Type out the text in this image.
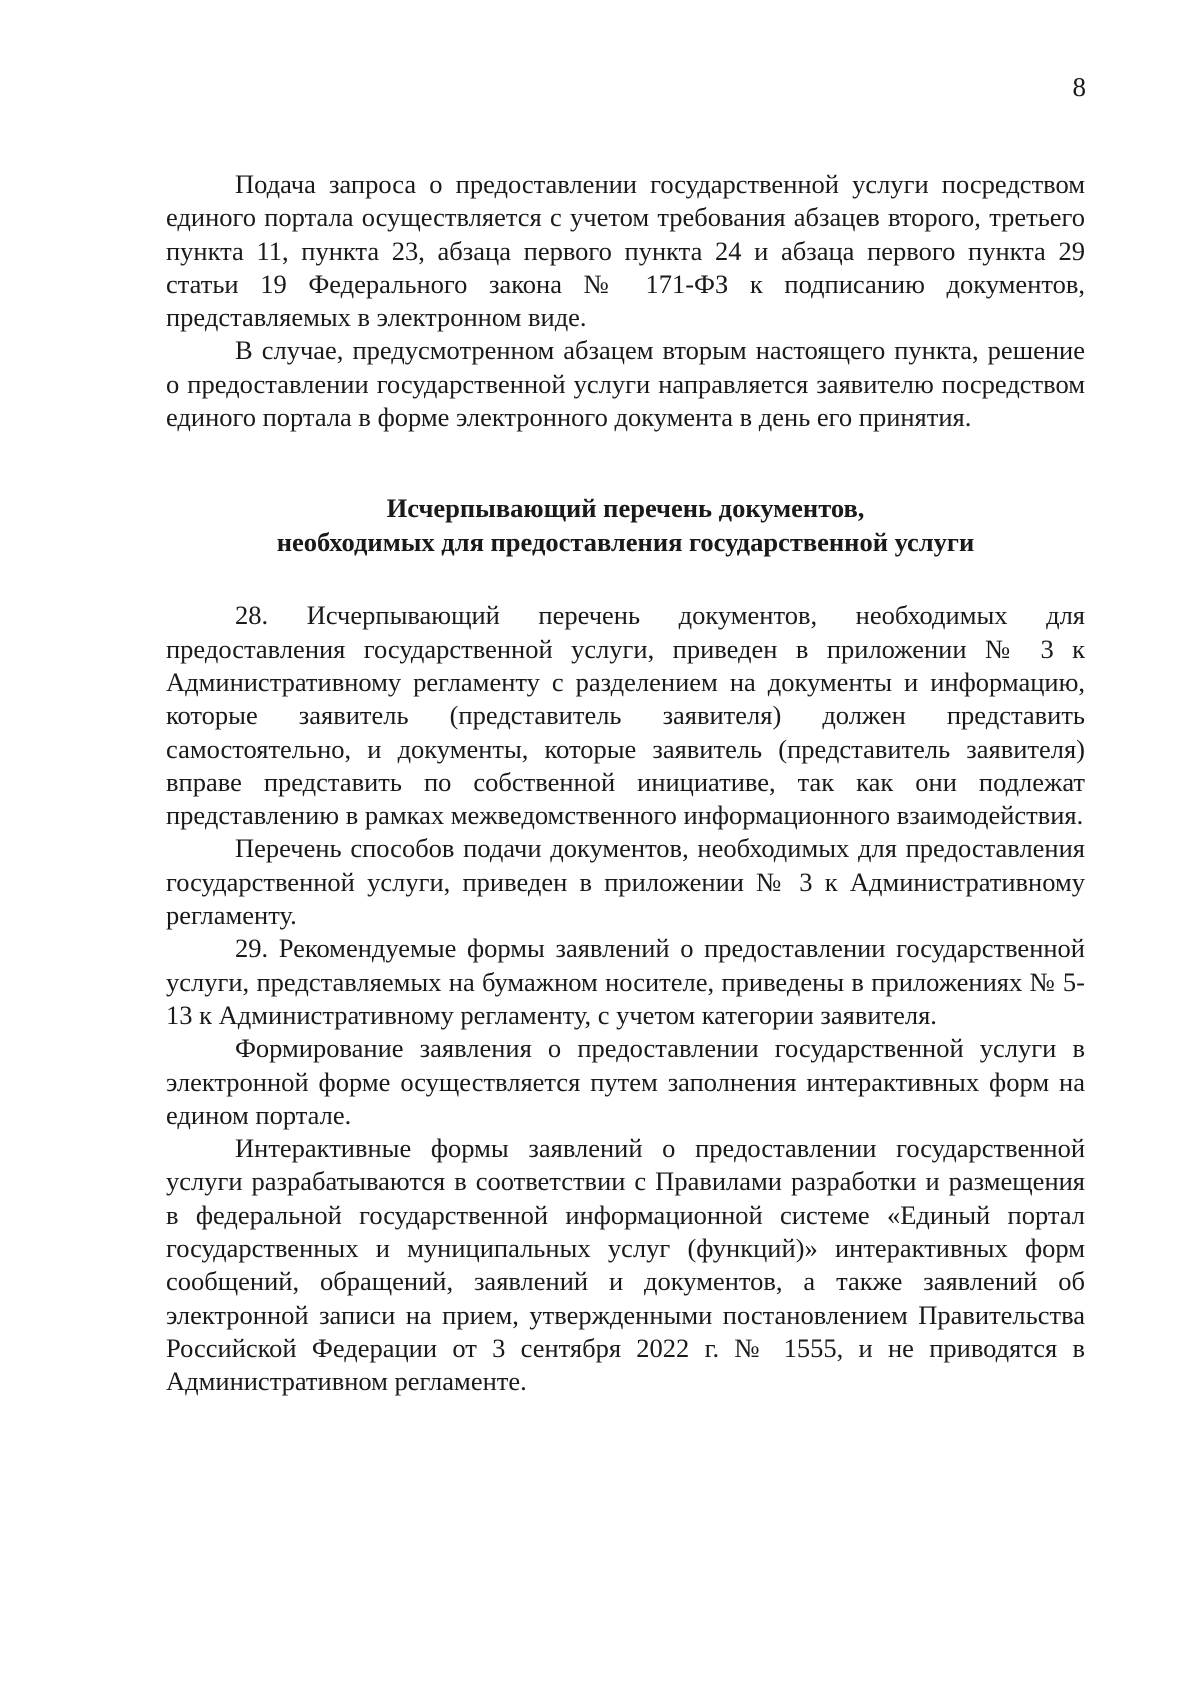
8

Подача запроса о предоставлении государственной услуги посредством единого портала осуществляется с учетом требования абзацев второго, третьего пункта 11, пункта 23, абзаца первого пункта 24 и абзаца первого пункта 29 статьи 19 Федерального закона № 171-ФЗ к подписанию документов, представляемых в электронном виде.

В случае, предусмотренном абзацем вторым настоящего пункта, решение о предоставлении государственной услуги направляется заявителю посредством единого портала в форме электронного документа в день его принятия.

Исчерпывающий перечень документов,
необходимых для предоставления государственной услуги

28. Исчерпывающий перечень документов, необходимых для предоставления государственной услуги, приведен в приложении № 3 к Административному регламенту с разделением на документы и информацию, которые заявитель (представитель заявителя) должен представить самостоятельно, и документы, которые заявитель (представитель заявителя) вправе представить по собственной инициативе, так как они подлежат представлению в рамках межведомственного информационного взаимодействия.

Перечень способов подачи документов, необходимых для предоставления государственной услуги, приведен в приложении № 3 к Административному регламенту.

29. Рекомендуемые формы заявлений о предоставлении государственной услуги, представляемых на бумажном носителе, приведены в приложениях № 5-13 к Административному регламенту, с учетом категории заявителя.

Формирование заявления о предоставлении государственной услуги в электронной форме осуществляется путем заполнения интерактивных форм на едином портале.

Интерактивные формы заявлений о предоставлении государственной услуги разрабатываются в соответствии с Правилами разработки и размещения в федеральной государственной информационной системе «Единый портал государственных и муниципальных услуг (функций)» интерактивных форм сообщений, обращений, заявлений и документов, а также заявлений об электронной записи на прием, утвержденными постановлением Правительства Российской Федерации от 3 сентября 2022 г. № 1555, и не приводятся в Административном регламенте.
